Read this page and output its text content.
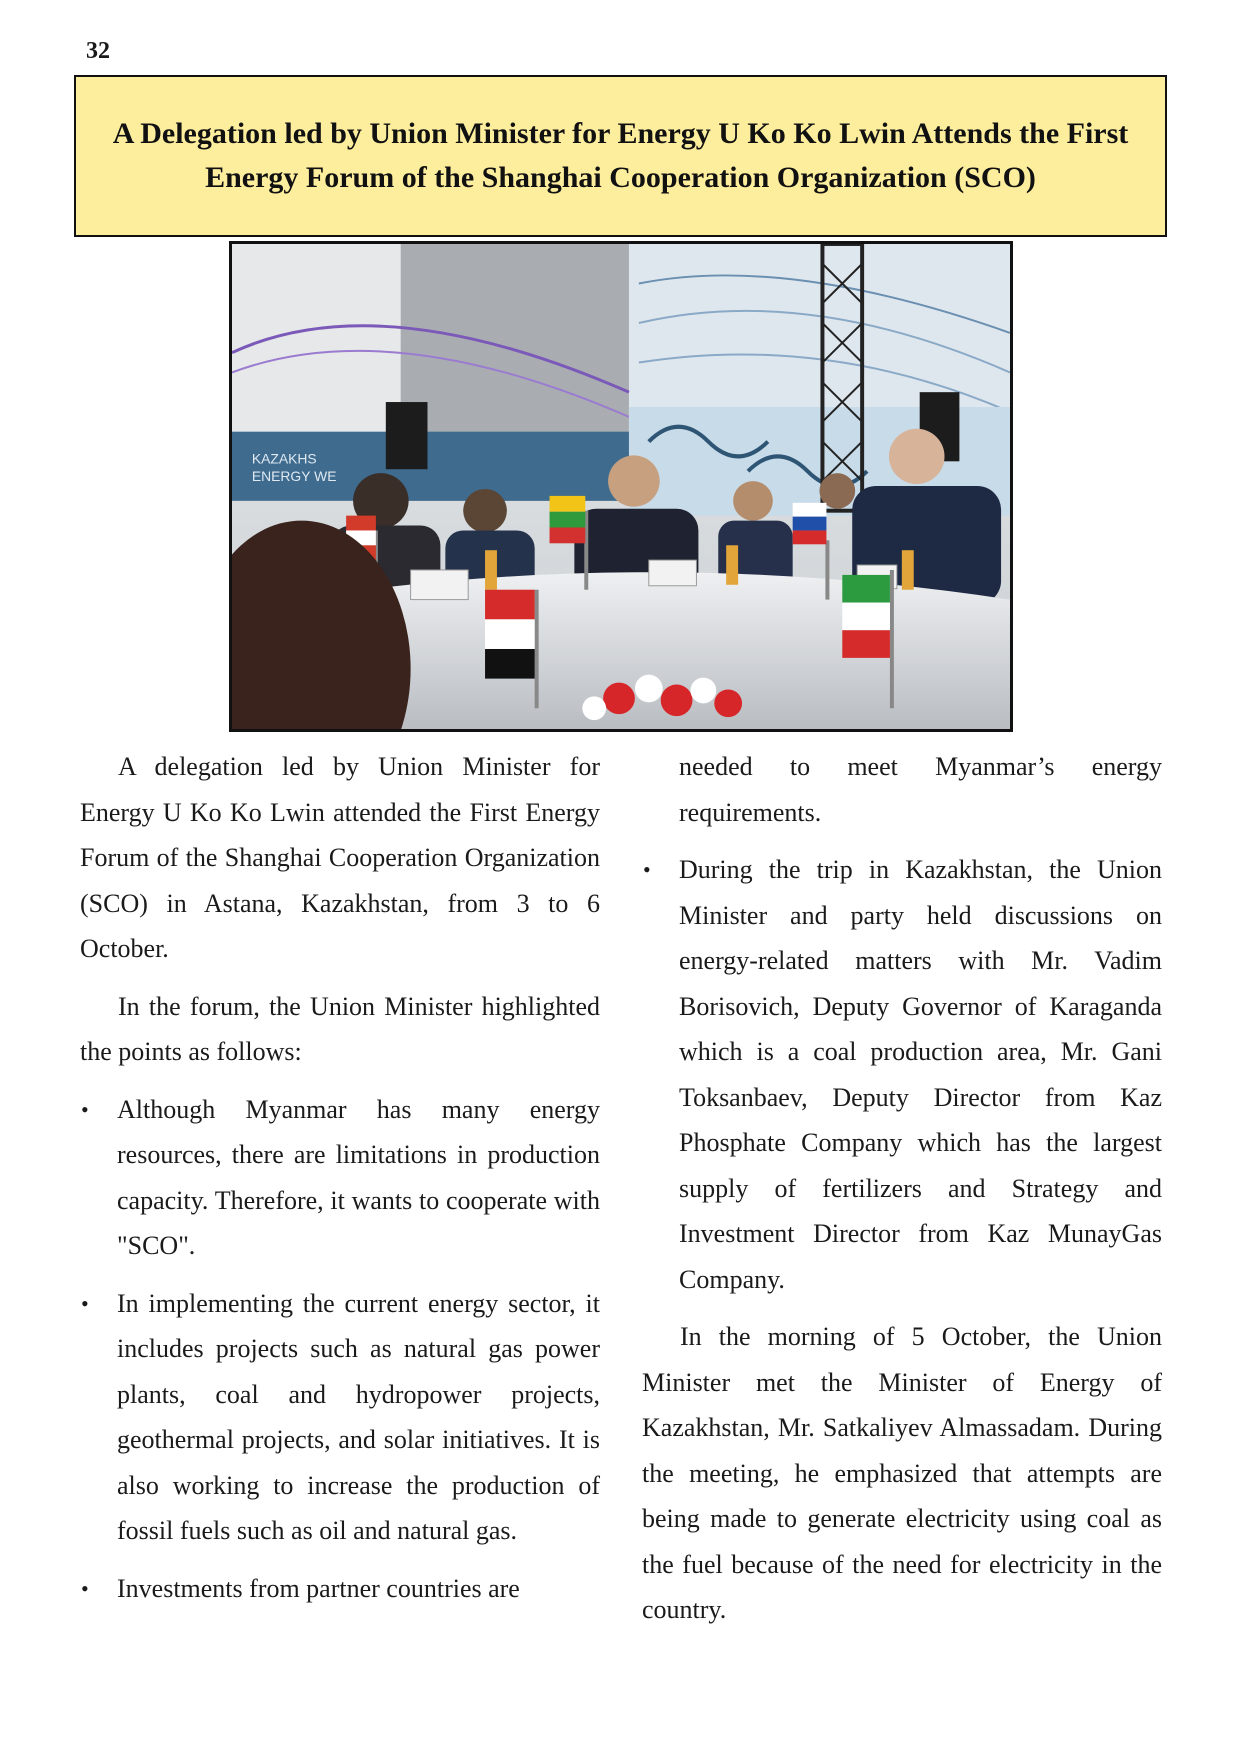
32
A Delegation led by Union Minister for Energy U Ko Ko Lwin Attends the First
Energy Forum of the Shanghai Cooperation Organization (SCO)
KAZAKHS
ENERGY WE

A delegation led by Union Minister for Energy U Ko Ko Lwin attended the First Energy Forum of the Shanghai Cooperation Organization (SCO) in Astana, Kazakhstan, from 3 to 6 October.

In the forum, the Union Minister highlighted the points as follows:

• Although Myanmar has many energy resources, there are limitations in production capacity. Therefore, it wants to cooperate with "SCO".
• In implementing the current energy sector, it includes projects such as natural gas power plants, coal and hydropower projects, geothermal projects, and solar initiatives. It is also working to increase the production of fossil fuels such as oil and natural gas.
• Investments from partner countries are

needed to meet Myanmar’s energy requirements.

• During the trip in Kazakhstan, the Union Minister and party held discussions on energy-related matters with Mr. Vadim Borisovich, Deputy Governor of Karaganda which is a coal production area, Mr. Gani Toksanbaev, Deputy Director from Kaz Phosphate Company which has the largest supply of fertilizers and Strategy and Investment Director from Kaz MunayGas Company.

In the morning of 5 October, the Union Minister met the Minister of Energy of Kazakhstan, Mr. Satkaliyev Almassadam. During the meeting, he emphasized that attempts are being made to generate electricity using coal as the fuel because of the need for electricity in the country.
